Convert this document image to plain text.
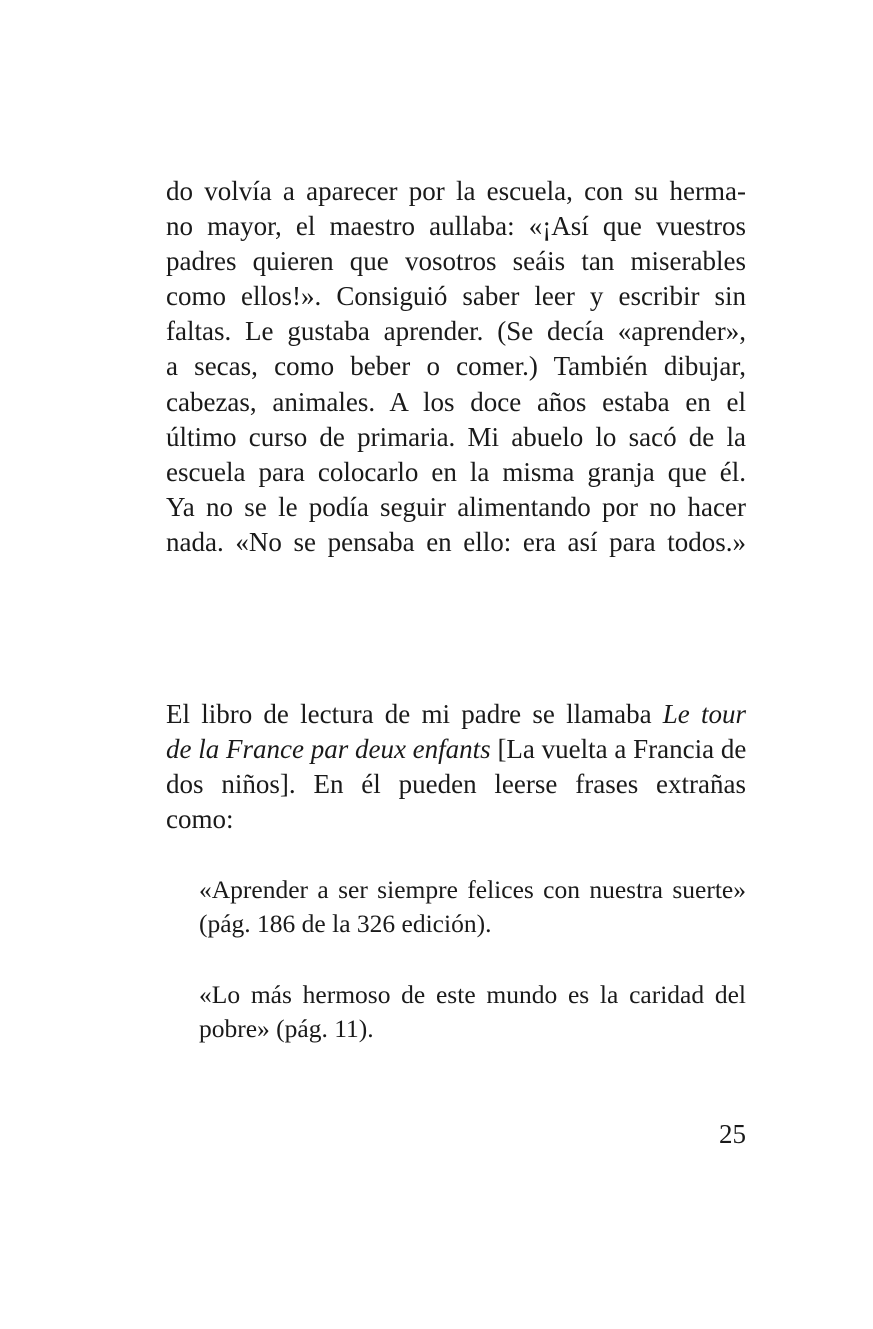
do volvía a aparecer por la escuela, con su herma-
no mayor, el maestro aullaba: «¡Así que vuestros
padres quieren que vosotros seáis tan miserables
como ellos!». Consiguió saber leer y escribir sin
faltas. Le gustaba aprender. (Se decía «aprender»,
a secas, como beber o comer.) También dibujar,
cabezas, animales. A los doce años estaba en el
último curso de primaria. Mi abuelo lo sacó de la
escuela para colocarlo en la misma granja que él.
Ya no se le podía seguir alimentando por no hacer
nada. «No se pensaba en ello: era así para todos.»
El libro de lectura de mi padre se llamaba Le tour
de la France par deux enfants [La vuelta a Francia de
dos niños]. En él pueden leerse frases extrañas
como:
«Aprender a ser siempre felices con nuestra suerte»
(pág. 186 de la 326 edición).
«Lo más hermoso de este mundo es la caridad del
pobre» (pág. 11).
25
